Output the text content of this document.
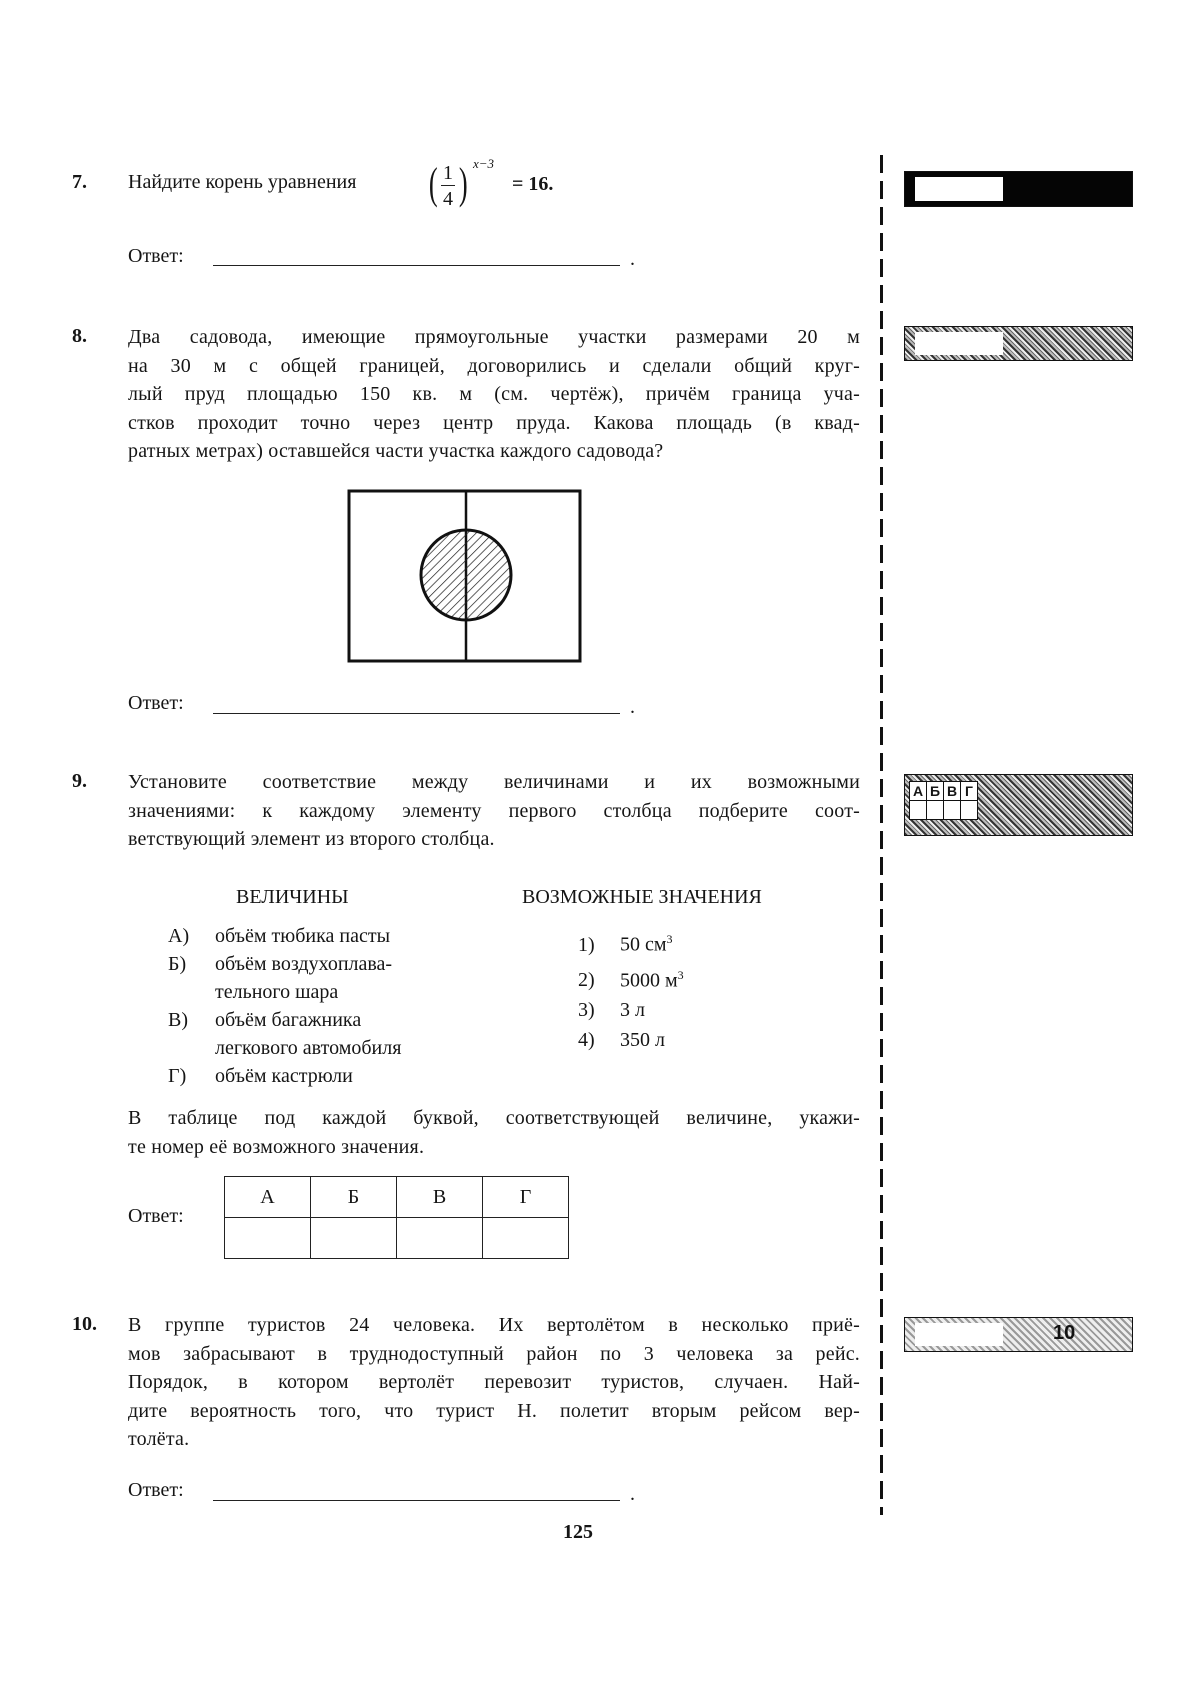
7. Найдите корень уравнения ( 1
4 ) x−3
= 16.
Ответ:	.
8. Два садовода, имеющие прямоугольные участки размерами 20 м
на 30 м с общей границей, договорились и сделали общий круг-
лый пруд площадью 150 кв. м (см. чертёж), причём граница уча-
стков проходит точно через центр пруда. Какова площадь (в квад-
ратных метрах) оставшейся части участка каждого садовода?
Ответ:	.
9. Установите соответствие между величинами и их возможными
значениями: к каждому элементу первого столбца подберите соот-
ветствующий элемент из второго столбца.
ВЕЛИЧИНЫ	ВОЗМОЖНЫЕ ЗНАЧЕНИЯ
А) объём тюбика пасты
Б) объём воздухоплава-
тельного шара
В) объём багажника
легкового автомобиля
Г) объём кастрюли
1) 50 $см^3$
2) 5000 $м^3$
3) 3 л
4) 350 л
В таблице под каждой буквой, соответствующей величине, укажи-
те номер её возможного значения.
Ответ:
А	Б	В	Г

10. В группе туристов 24 человека. Их вертолётом в несколько приё-
мов забрасывают в труднодоступный район по 3 человека за рейс.
Порядок, в котором вертолёт перевозит туристов, случаен. Най-
дите вероятность того, что турист Н. полетит вторым рейсом вер-
толёта.
Ответ:	.
125
А	Б	В	Г

10
